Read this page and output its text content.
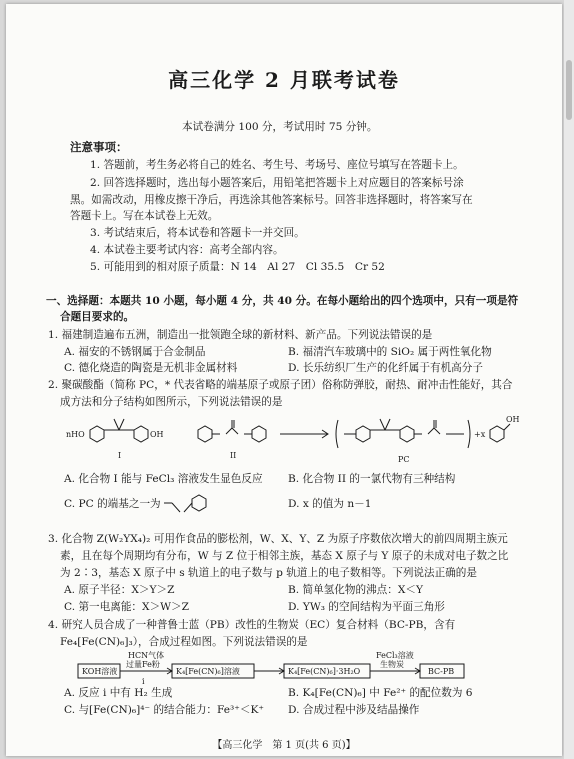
高三化学 2 月联考试卷
本试卷满分 100 分，考试用时 75 分钟。
注意事项：
1. 答题前，考生务必将自己的姓名、考生号、考场号、座位号填写在答题卡上。
2. 回答选择题时，选出每小题答案后，用铅笔把答题卡上对应题目的答案标号涂
黑。如需改动，用橡皮擦干净后，再选涂其他答案标号。回答非选择题时，将答案写在
答题卡上。写在本试卷上无效。
3. 考试结束后，将本试卷和答题卡一并交回。
4. 本试卷主要考试内容：高考全部内容。
5. 可能用到的相对原子质量：N 14　Al 27　Cl 35.5　Cr 52
一、选择题：本题共 10 小题，每小题 4 分，共 40 分。在每小题给出的四个选项中，只有一项是符
合题目要求的。
1. 福建制造遍布五洲，制造出一批领跑全球的新材料、新产品。下列说法错误的是
A. 福安的不锈钢属于合金制品	B. 福清汽车玻璃中的 SiO₂ 属于两性氧化物
C. 德化烧造的陶瓷是无机非金属材料	D. 长乐纺织厂生产的化纤属于有机高分子
2. 聚碳酸酯（简称 PC，* 代表省略的端基原子或原子团）俗称防弹胶，耐热、耐冲击性能好，其合
成方法和分子结构如图所示，下列说法错误的是
nHO	OH
I	II	PC
+x
OH
A. 化合物 I 能与 FeCl₃ 溶液发生显色反应 B. 化合物 II 的一氯代物有三种结构
C. PC 的端基之一为	D. x 的值为 n－1
3. 化合物 Z(W₂YX₄)₂ 可用作食品的膨松剂，W、X、Y、Z 为原子序数依次增大的前四周期主族元
素，且在每个周期均有分布，W 与 Z 位于相邻主族，基态 X 原子与 Y 原子的未成对电子数之比
为 2∶3，基态 X 原子中 s 轨道上的电子数与 p 轨道上的电子数相等。下列说法正确的是
A. 原子半径：X＞Y＞Z	B. 简单氢化物的沸点：X＜Y
C. 第一电离能：X＞W＞Z	D. YW₃ 的空间结构为平面三角形
4. 研究人员合成了一种普鲁士蓝（PB）改性的生物炭（EC）复合材料（BC-PB，含有
Fe₄[Fe(CN)₆]₃），合成过程如图。下列说法错误的是
KOH溶液
HCN气体
过量Fe粉
i
K₄[Fe(CN)₆]溶液	K₄[Fe(CN)₆]·3H₂O
FeCl₃溶液
生物炭
BC-PB
A. 反应 i 中有 H₂ 生成	B. K₄[Fe(CN)₆] 中 Fe²⁺ 的配位数为 6
C. 与[Fe(CN)₆]⁴⁻ 的结合能力：Fe³⁺＜K⁺ D. 合成过程中涉及结晶操作
【高三化学　第 1 页(共 6 页)】
